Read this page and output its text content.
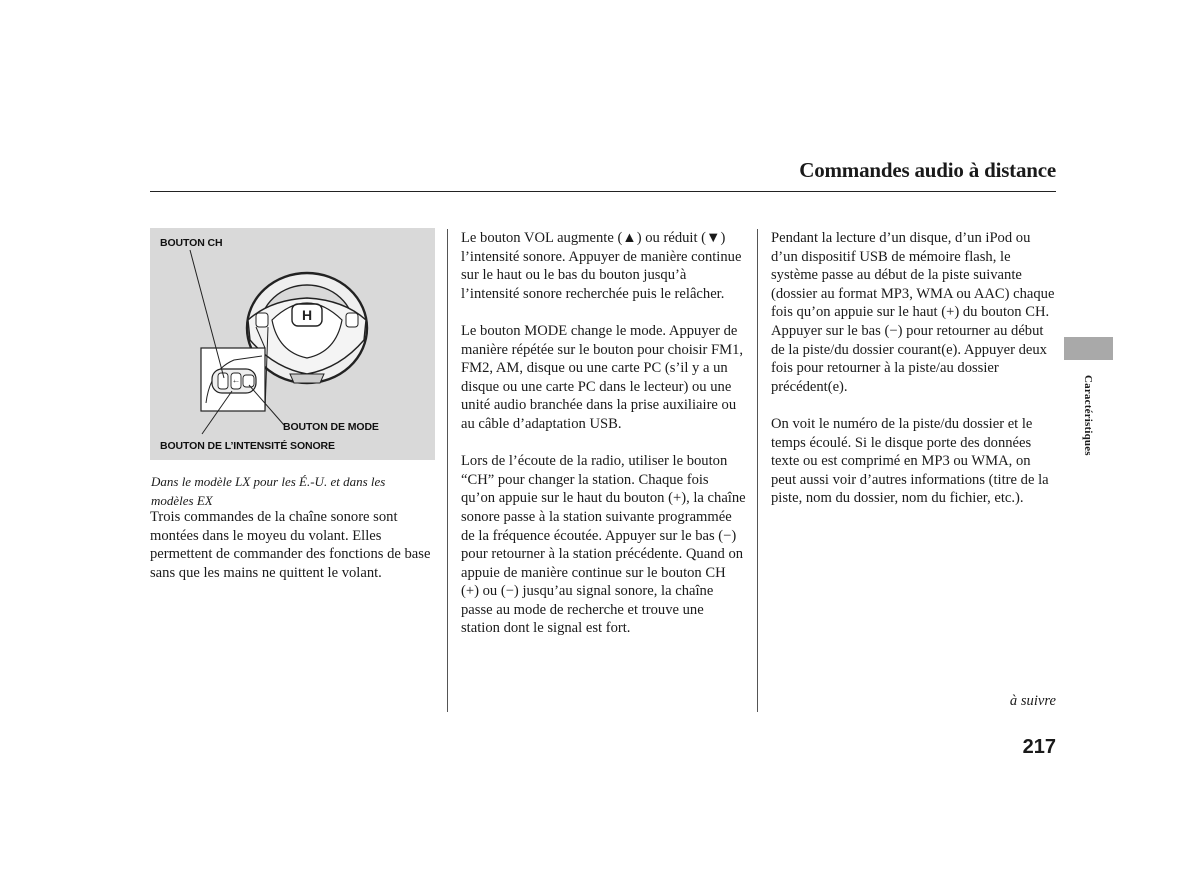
Commandes audio à distance
H
+−
BOUTON CH
BOUTON DE MODE
BOUTON DE L’INTENSITÉ SONORE
Dans le modèle LX pour les É.-U. et dans les modèles EX

Trois commandes de la chaîne sonore sont montées dans le moyeu du volant. Elles permettent de commander des fonctions de base sans que les mains ne quittent le volant.

Le bouton VOL augmente (▲) ou réduit (▼) l’intensité sonore. Appuyer de manière continue sur le haut ou le bas du bouton jusqu’à l’intensité sonore recherchée puis le relâcher.

Le bouton MODE change le mode. Appuyer de manière répétée sur le bouton pour choisir FM1, FM2, AM, disque ou une carte PC (s’il y a un disque ou une carte PC dans le lecteur) ou une unité audio branchée dans la prise auxiliaire ou au câble d’adaptation USB.

Lors de l’écoute de la radio, utiliser le bouton “CH” pour changer la station. Chaque fois qu’on appuie sur le haut du bouton (+), la chaîne sonore passe à la station suivante programmée de la fréquence écoutée. Appuyer sur le bas (−) pour retourner à la station précédente. Quand on appuie de manière continue sur le bouton CH (+) ou (−) jusqu’au signal sonore, la chaîne passe au mode de recherche et trouve une station dont le signal est fort.

Pendant la lecture d’un disque, d’un iPod ou d’un dispositif USB de mémoire flash, le système passe au début de la piste suivante (dossier au format MP3, WMA ou AAC) chaque fois qu’on appuie sur le haut (+) du bouton CH. Appuyer sur le bas (−) pour retourner au début de la piste/du dossier courant(e). Appuyer deux fois pour retourner à la piste/au dossier précédent(e).

On voit le numéro de la piste/du dossier et le temps écoulé. Si le disque porte des données texte ou est comprimé en MP3 ou WMA, on peut aussi voir d’autres informations (titre de la piste, nom du dossier, nom du fichier, etc.).

à suivre
217
Caractéristiques
